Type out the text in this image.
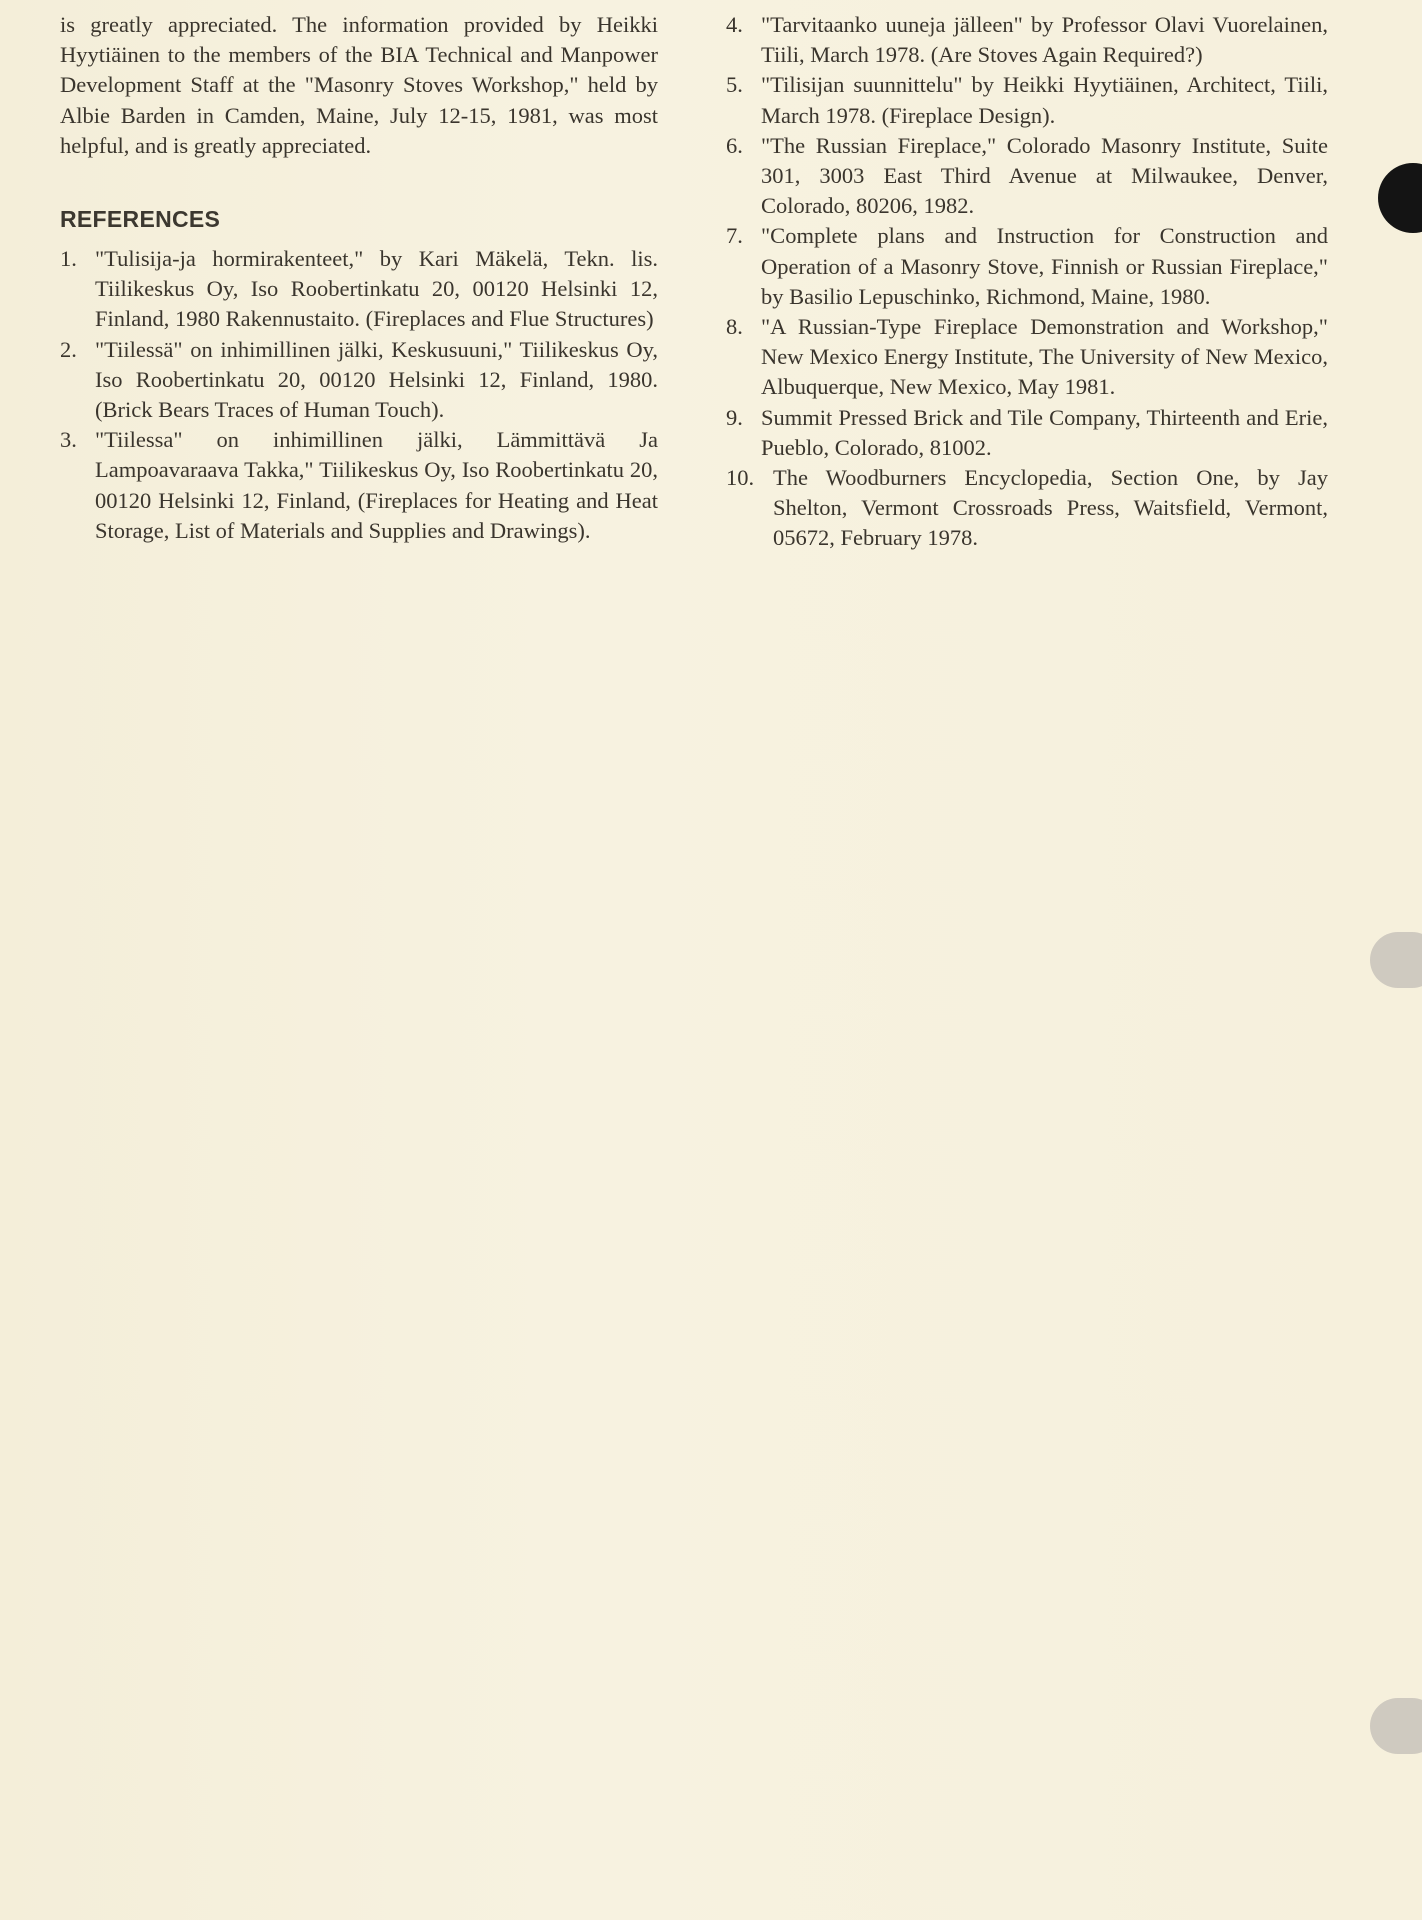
is greatly appreciated. The information provided by Heikki Hyytiäinen to the members of the BIA Technical and Manpower Development Staff at the "Masonry Stoves Workshop," held by Albie Barden in Camden, Maine, July 12-15, 1981, was most helpful, and is greatly appreciated.

REFERENCES
1. "Tulisija-ja hormirakenteet," by Kari Mäkelä, Tekn. lis. Tiilikeskus Oy, Iso Roobertinkatu 20, 00120 Helsinki 12, Finland, 1980 Rakennustaito. (Fireplaces and Flue Structures)
2. "Tiilessä" on inhimillinen jälki, Keskusuuni," Tiilikeskus Oy, Iso Roobertinkatu 20, 00120 Helsinki 12, Finland, 1980. (Brick Bears Traces of Human Touch).
3. "Tiilessa" on inhimillinen jälki, Lämmittävä Ja Lampoavaraava Takka," Tiilikeskus Oy, Iso Roobertinkatu 20, 00120 Helsinki 12, Finland, (Fireplaces for Heating and Heat Storage, List of Materials and Supplies and Drawings).
4. "Tarvitaanko uuneja jälleen" by Professor Olavi Vuorelainen, Tiili, March 1978. (Are Stoves Again Required?)
5. "Tilisijan suunnittelu" by Heikki Hyytiäinen, Architect, Tiili, March 1978. (Fireplace Design).
6. "The Russian Fireplace," Colorado Masonry Institute, Suite 301, 3003 East Third Avenue at Milwaukee, Denver, Colorado, 80206, 1982.
7. "Complete plans and Instruction for Construction and Operation of a Masonry Stove, Finnish or Russian Fireplace," by Basilio Lepuschinko, Richmond, Maine, 1980.
8. "A Russian-Type Fireplace Demonstration and Workshop," New Mexico Energy Institute, The University of New Mexico, Albuquerque, New Mexico, May 1981.
9. Summit Pressed Brick and Tile Company, Thirteenth and Erie, Pueblo, Colorado, 81002.
10. The Woodburners Encyclopedia, Section One, by Jay Shelton, Vermont Crossroads Press, Waitsfield, Vermont, 05672, February 1978.
